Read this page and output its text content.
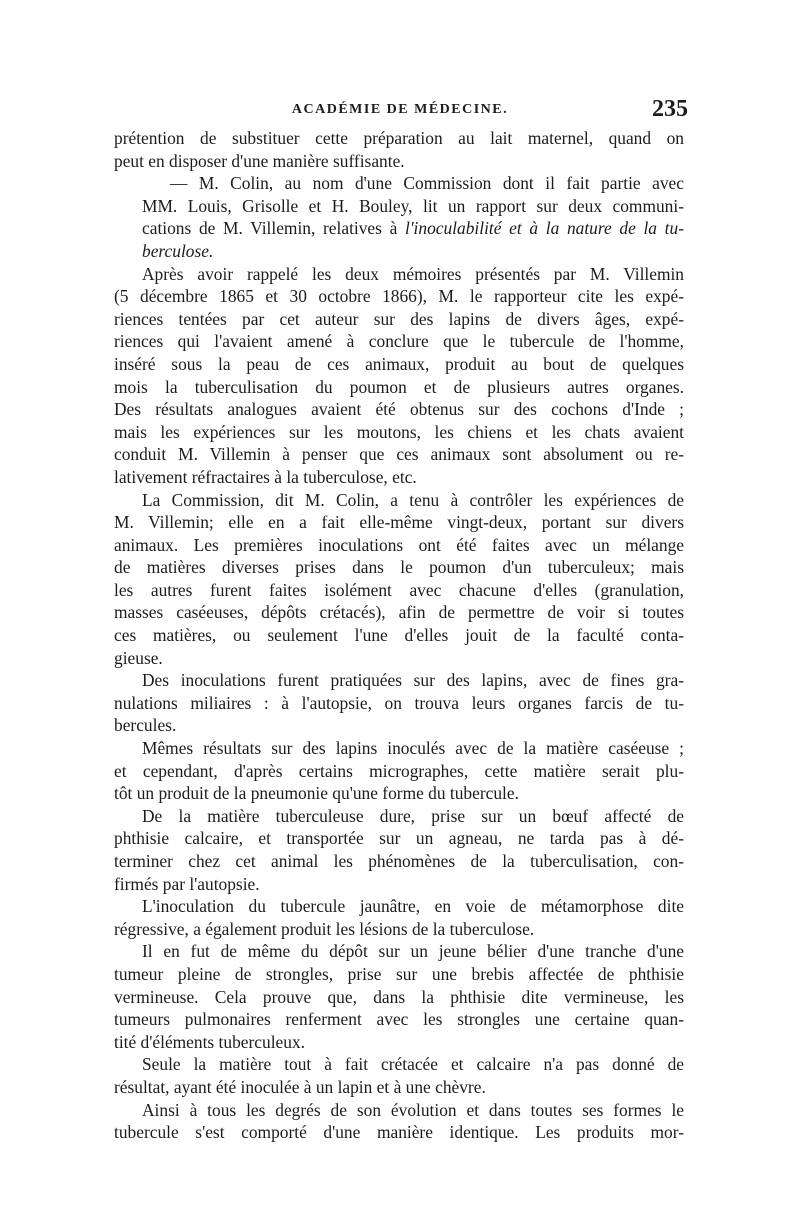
ACADÉMIE DE MÉDECINE.	235

prétention de substituer cette préparation au lait maternel, quand on
peut en disposer d'une manière suffisante.

— M. Colin, au nom d'une Commission dont il fait partie avec
MM. Louis, Grisolle et H. Bouley, lit un rapport sur deux communi-
cations de M. Villemin, relatives à l'inoculabilité et à la nature de la tu-
berculose.

Après avoir rappelé les deux mémoires présentés par M. Villemin
(5 décembre 1865 et 30 octobre 1866), M. le rapporteur cite les expé-
riences tentées par cet auteur sur des lapins de divers âges, expé-
riences qui l'avaient amené à conclure que le tubercule de l'homme,
inséré sous la peau de ces animaux, produit au bout de quelques
mois la tuberculisation du poumon et de plusieurs autres organes.
Des résultats analogues avaient été obtenus sur des cochons d'Inde ;
mais les expériences sur les moutons, les chiens et les chats avaient
conduit M. Villemin à penser que ces animaux sont absolument ou re-
lativement réfractaires à la tuberculose, etc.

La Commission, dit M. Colin, a tenu à contrôler les expériences de
M. Villemin; elle en a fait elle-même vingt-deux, portant sur divers
animaux. Les premières inoculations ont été faites avec un mélange
de matières diverses prises dans le poumon d'un tuberculeux; mais
les autres furent faites isolément avec chacune d'elles (granulation,
masses caséeuses, dépôts crétacés), afin de permettre de voir si toutes
ces matières, ou seulement l'une d'elles jouit de la faculté conta-
gieuse.

Des inoculations furent pratiquées sur des lapins, avec de fines gra-
nulations miliaires : à l'autopsie, on trouva leurs organes farcis de tu-
bercules.

Mêmes résultats sur des lapins inoculés avec de la matière caséeuse ;
et cependant, d'après certains micrographes, cette matière serait plu-
tôt un produit de la pneumonie qu'une forme du tubercule.

De la matière tuberculeuse dure, prise sur un bœuf affecté de
phthisie calcaire, et transportée sur un agneau, ne tarda pas à dé-
terminer chez cet animal les phénomènes de la tuberculisation, con-
firmés par l'autopsie.

L'inoculation du tubercule jaunâtre, en voie de métamorphose dite
régressive, a également produit les lésions de la tuberculose.

Il en fut de même du dépôt sur un jeune bélier d'une tranche d'une
tumeur pleine de strongles, prise sur une brebis affectée de phthisie
vermineuse. Cela prouve que, dans la phthisie dite vermineuse, les
tumeurs pulmonaires renferment avec les strongles une certaine quan-
tité d'éléments tuberculeux.

Seule la matière tout à fait crétacée et calcaire n'a pas donné de
résultat, ayant été inoculée à un lapin et à une chèvre.

Ainsi à tous les degrés de son évolution et dans toutes ses formes le
tubercule s'est comporté d'une manière identique. Les produits mor-
